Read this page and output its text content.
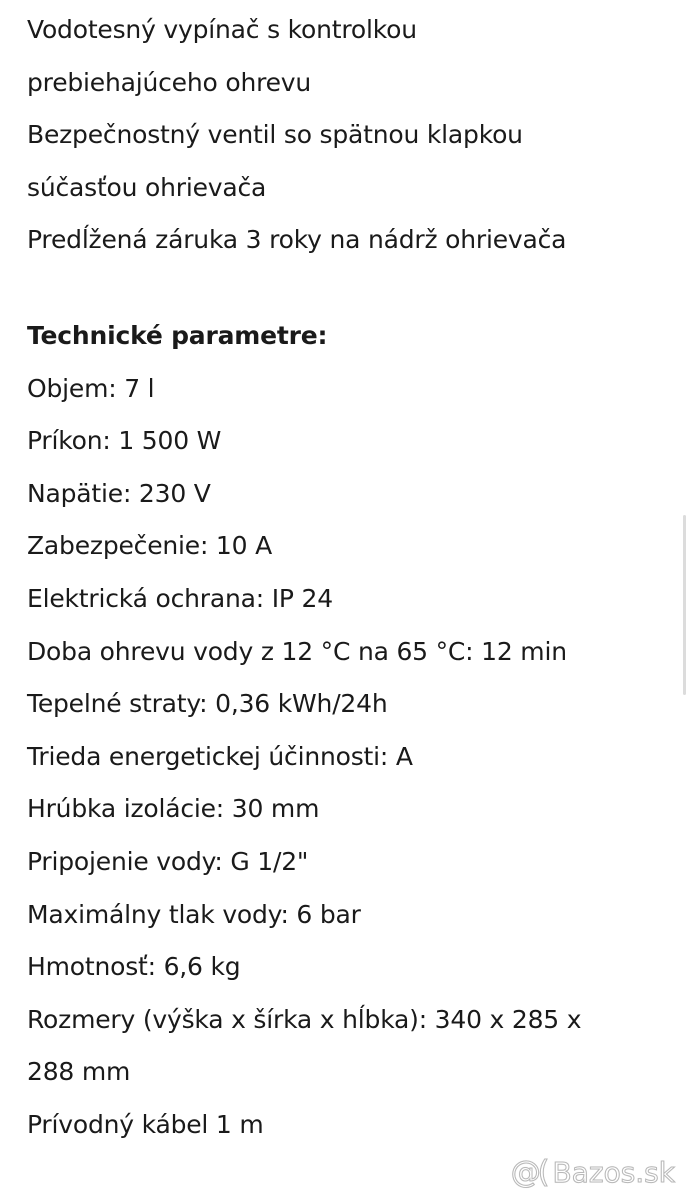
Vodotesný vypínač s kontrolkou
prebiehajúceho ohrevu
Bezpečnostný ventil so spätnou klapkou
súčasťou ohrievača
Predĺžená záruka 3 roky na nádrž ohrievača
Technické parametre:
Objem: 7 l
Príkon: 1 500 W
Napätie: 230 V
Zabezpečenie: 10 A
Elektrická ochrana: IP 24
Doba ohrevu vody z 12 °C na 65 °C: 12 min
Tepelné straty: 0,36 kWh/24h
Trieda energetickej účinnosti: A
Hrúbka izolácie: 30 mm
Pripojenie vody: G 1/2"
Maximálny tlak vody: 6 bar
Hmotnosť: 6,6 kg
Rozmery (výška x šírka x hĺbka): 340 x 285 x
288 mm
Prívodný kábel 1 m
@( Bazos.sk
